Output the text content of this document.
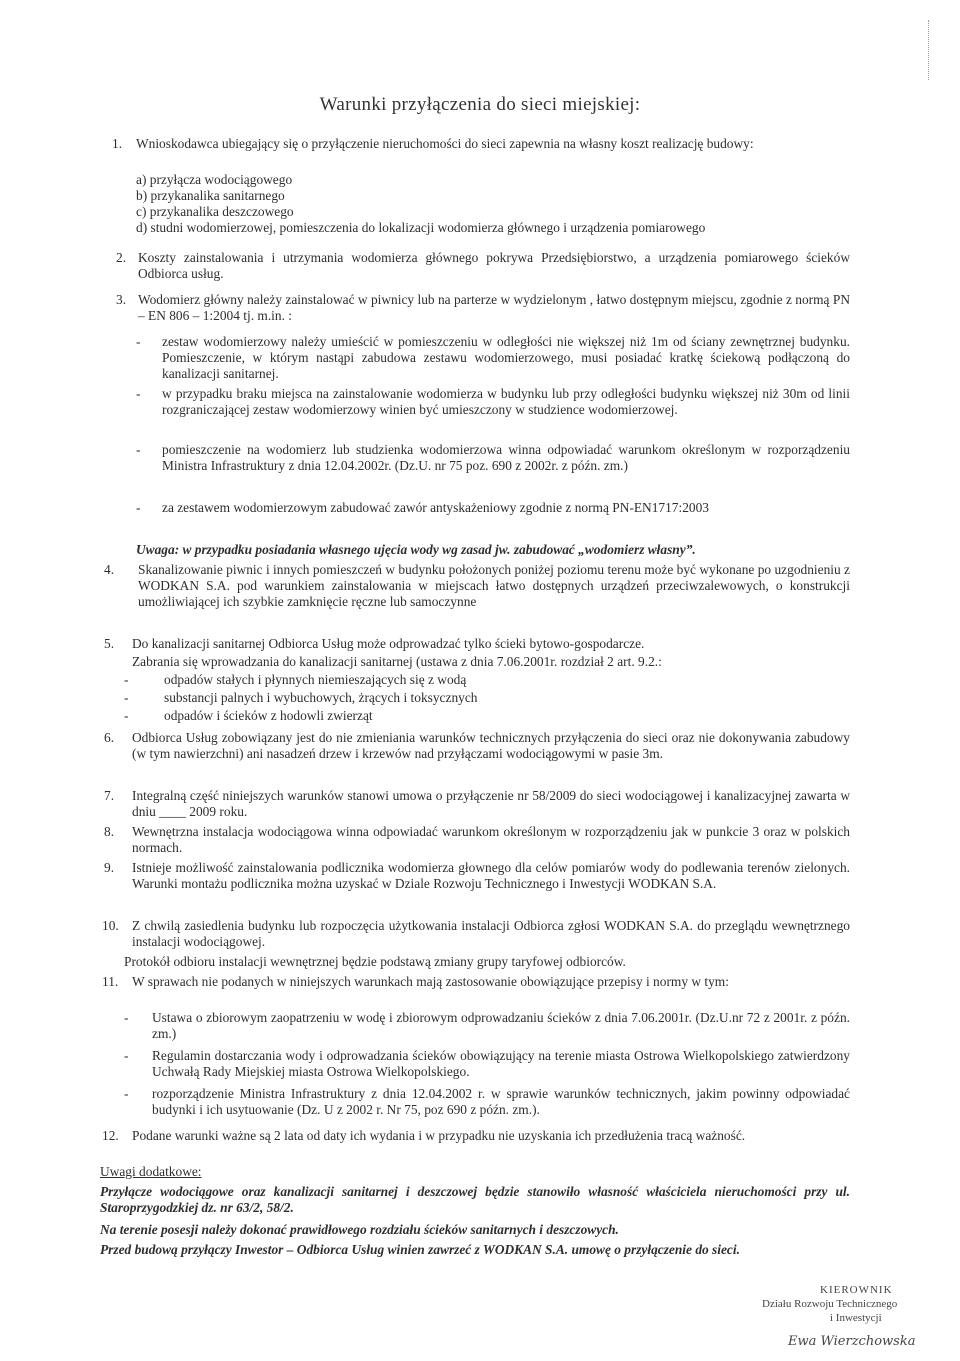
Warunki przyłączenia do sieci miejskiej:
1.	Wnioskodawca ubiegający się o przyłączenie nieruchomości do sieci zapewnia na własny koszt realizację budowy:
a) przyłącza wodociągowego
b) przykanalika sanitarnego
c) przykanalika deszczowego
d) studni wodomierzowej, pomieszczenia do lokalizacji wodomierza głównego i urządzenia pomiarowego
2. Koszty zainstalowania i utrzymania wodomierza głównego pokrywa Przedsiębiorstwo, a urządzenia pomiarowego ścieków Odbiorca usług.
3. Wodomierz główny należy zainstalować w piwnicy lub na parterze w wydzielonym , łatwo dostępnym miejscu, zgodnie z normą PN – EN 806 – 1:2004 tj. m.in. :
- zestaw wodomierzowy należy umieścić w pomieszczeniu w odległości nie większej niż 1m od ściany zewnętrznej budynku. Pomieszczenie, w którym nastąpi zabudowa zestawu wodomierzowego, musi posiadać kratkę ściekową podłączoną do kanalizacji sanitarnej.
- w przypadku braku miejsca na zainstalowanie wodomierza w budynku lub przy odległości budynku większej niż 30m od linii rozgraniczającej zestaw wodomierzowy winien być umieszczony w studzience wodomierzowej.
- pomieszczenie na wodomierz lub studzienka wodomierzowa winna odpowiadać warunkom określonym w rozporządzeniu Ministra Infrastruktury z dnia 12.04.2002r. (Dz.U. nr 75 poz. 690 z 2002r. z późn. zm.)
- za zestawem wodomierzowym zabudować zawór antyskażeniowy zgodnie z normą PN-EN1717:2003
Uwaga: w przypadku posiadania własnego ujęcia wody wg zasad jw. zabudować „wodomierz własny”.
4.	Skanalizowanie piwnic i innych pomieszczeń w budynku położonych poniżej poziomu terenu może być wykonane po uzgodnieniu z WODKAN S.A. pod warunkiem zainstalowania w miejscach łatwo dostępnych urządzeń przeciwzalewowych, o konstrukcji umożliwiającej ich szybkie zamknięcie ręczne lub samoczynne
5.	Do kanalizacji sanitarnej Odbiorca Usług może odprowadzać tylko ścieki bytowo-gospodarcze.
Zabrania się wprowadzania do kanalizacji sanitarnej (ustawa z dnia 7.06.2001r. rozdział 2 art. 9.2.:
-	odpadów stałych i płynnych niemieszających się z wodą
-	substancji palnych i wybuchowych, żrących i toksycznych
-	odpadów i ścieków z hodowli zwierząt
6.	Odbiorca Usług zobowiązany jest do nie zmieniania warunków technicznych przyłączenia do sieci oraz nie dokonywania zabudowy (w tym nawierzchni) ani nasadzeń drzew i krzewów nad przyłączami wodociągowymi w pasie 3m.
7.	Integralną część niniejszych warunków stanowi umowa o przyłączenie nr 58/2009 do sieci wodociągowej i kanalizacyjnej zawarta w dniu ____ 2009 roku.
8.	Wewnętrzna instalacja wodociągowa winna odpowiadać warunkom określonym w rozporządzeniu jak w punkcie 3 oraz w polskich normach.
9.	Istnieje możliwość zainstalowania podlicznika wodomierza głownego dla celów pomiarów wody do podlewania terenów zielonych. Warunki montażu podlicznika można uzyskać w Dziale Rozwoju Technicznego i Inwestycji WODKAN S.A.
10. Z chwilą zasiedlenia budynku lub rozpoczęcia użytkowania instalacji Odbiorca zgłosi WODKAN S.A. do przeglądu wewnętrznego instalacji wodociągowej.
Protokół odbioru instalacji wewnętrznej będzie podstawą zmiany grupy taryfowej odbiorców.
11.	W sprawach nie podanych w niniejszych warunkach mają zastosowanie obowiązujące przepisy i normy w tym:
- Ustawa o zbiorowym zaopatrzeniu w wodę i zbiorowym odprowadzaniu ścieków z dnia 7.06.2001r. (Dz.U.nr 72 z 2001r. z późn. zm.)
- Regulamin dostarczania wody i odprowadzania ścieków obowiązujący na terenie miasta Ostrowa Wielkopolskiego zatwierdzony Uchwałą Rady Miejskiej miasta Ostrowa Wielkopolskiego.
- rozporządzenie Ministra Infrastruktury z dnia 12.04.2002 r. w sprawie warunków technicznych, jakim powinny odpowiadać budynki i ich usytuowanie (Dz. U z 2002 r. Nr 75, poz 690 z późn. zm.).
12. Podane warunki ważne są 2 lata od daty ich wydania i w przypadku nie uzyskania ich przedłużenia tracą ważność.
Uwagi dodatkowe:
Przyłącze wodociągowe oraz kanalizacji sanitarnej i deszczowej będzie stanowiło własność właściciela nieruchomości przy ul. Staroprzygodzkiej dz. nr 63/2, 58/2.
Na terenie posesji należy dokonać prawidłowego rozdziału ścieków sanitarnych i deszczowych.
Przed budową przyłączy Inwestor – Odbiorca Usług winien zawrzeć z WODKAN S.A. umowę o przyłączenie do sieci.
KIEROWNIK
Działu Rozwoju Technicznego
i Inwestycji
Ewa Wierzchowska
